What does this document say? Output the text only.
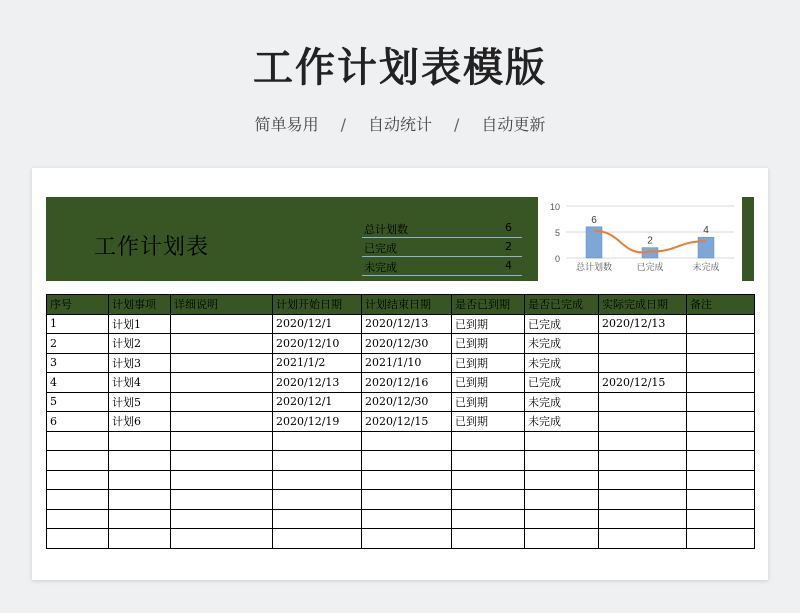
工作计划表模版
简单易用 / 自动统计 / 自动更新
工作计划表
总计划数	6
已完成	2
未完成	4	0
5
10
6
总计划数
2
已完成
4
未完成
序号	计划事项	详细说明	计划开始日期	计划结束日期	是否已到期	是否已完成	实际完成日期	备注
1	计划1		2020/12/1	2020/12/13	已到期	已完成	2020/12/13	
2	计划2		2020/12/10	2020/12/30	已到期	未完成		
3	计划3		2021/1/2	2021/1/10	已到期	未完成		
4	计划4		2020/12/13	2020/12/16	已到期	已完成	2020/12/15	
5	计划5		2020/12/1	2020/12/30	已到期	未完成		
6	计划6		2020/12/19	2020/12/15	已到期	未完成		
